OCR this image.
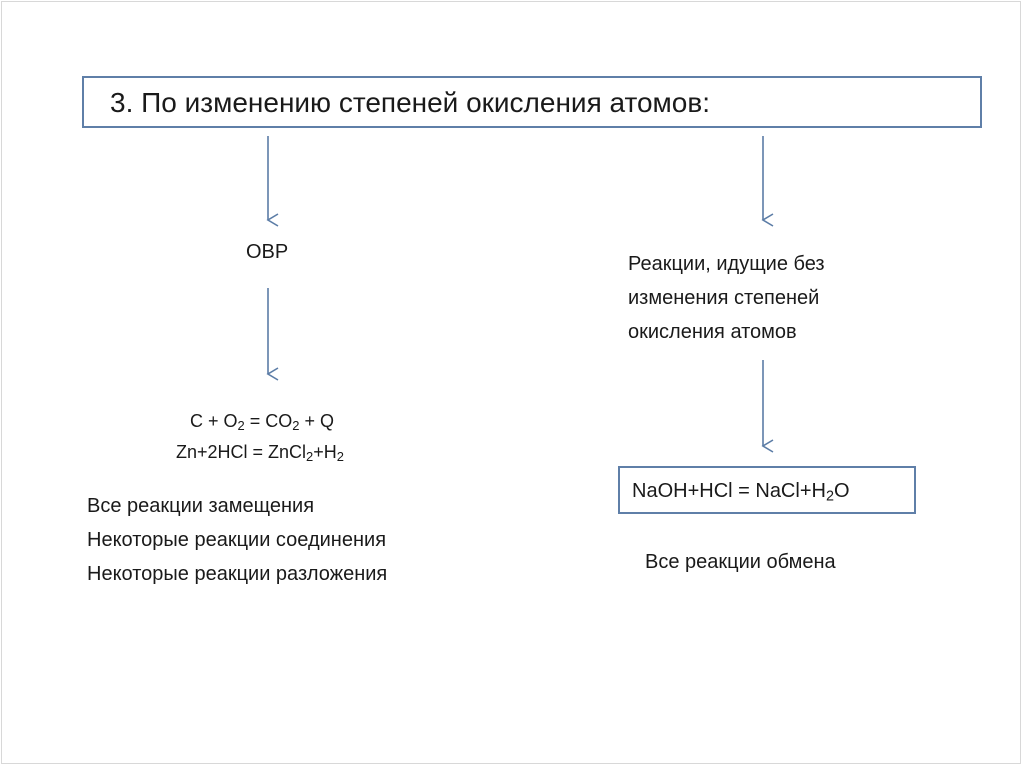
3. По изменению степеней окисления атомов:
ОВР
$C + O_2 = CO_2 + Q$
$Zn+2HCl = ZnCl_2+H_2$
Все реакции замещения
Некоторые реакции соединения
Некоторые реакции разложения
Реакции, идущие без
изменения степеней
окисления атомов
NaOH+HCl = $NaCl+H_2O$
Все реакции обмена
